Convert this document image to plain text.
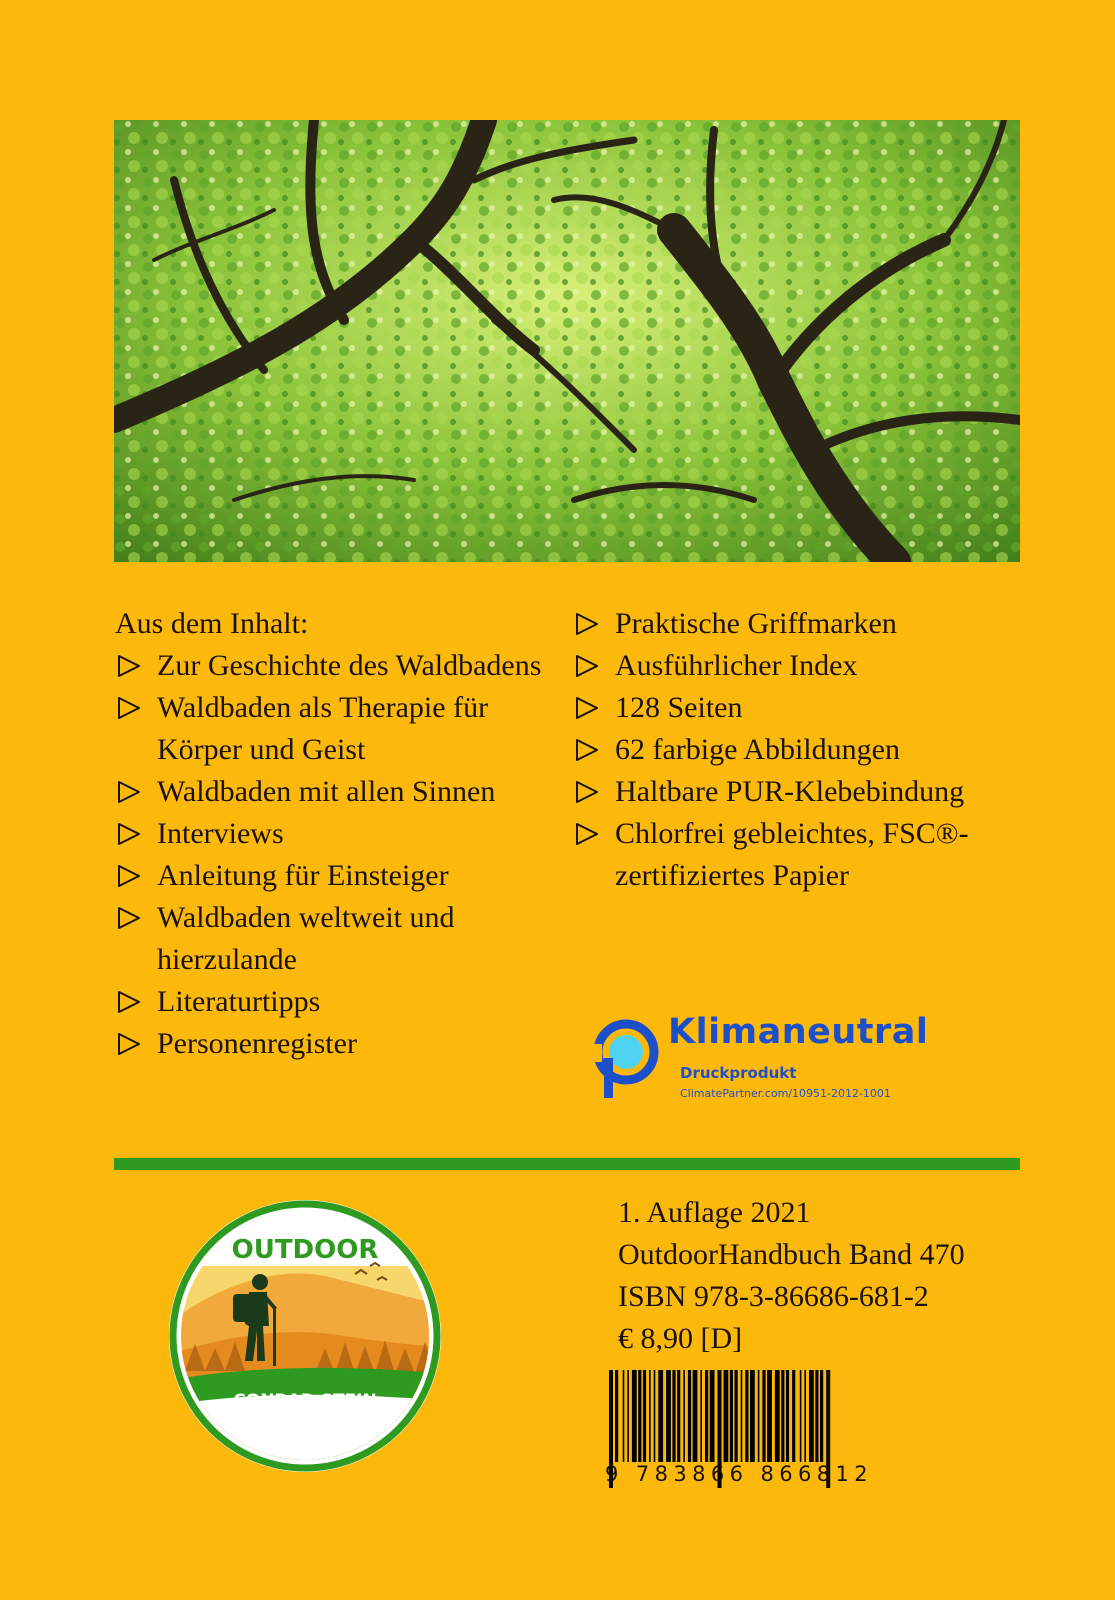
Aus dem Inhalt:

Zur Geschichte des Waldbadens

Waldbaden als Therapie für Körper und Geist

Waldbaden mit allen Sinnen

Interviews

Anleitung für Einsteiger

Waldbaden weltweit und hierzulande

Literaturtipps

Personenregister

Praktische Griffmarken

Ausführlicher Index

128 Seiten

62 farbige Abbildungen

Haltbare PUR-Klebebindung

Chlorfrei gebleichtes, FSC®-zertifiziertes Papier

Klimaneutral
Druckprodukt
ClimatePartner.com/10951-2012-1001
OUTDOOR
CONRAD STEIN
VERLAG
1. Auflage 2021
OutdoorHandbuch Band 470
ISBN 978-3-86686-681-2
€ 8,90 [D]
9 783866 866812
